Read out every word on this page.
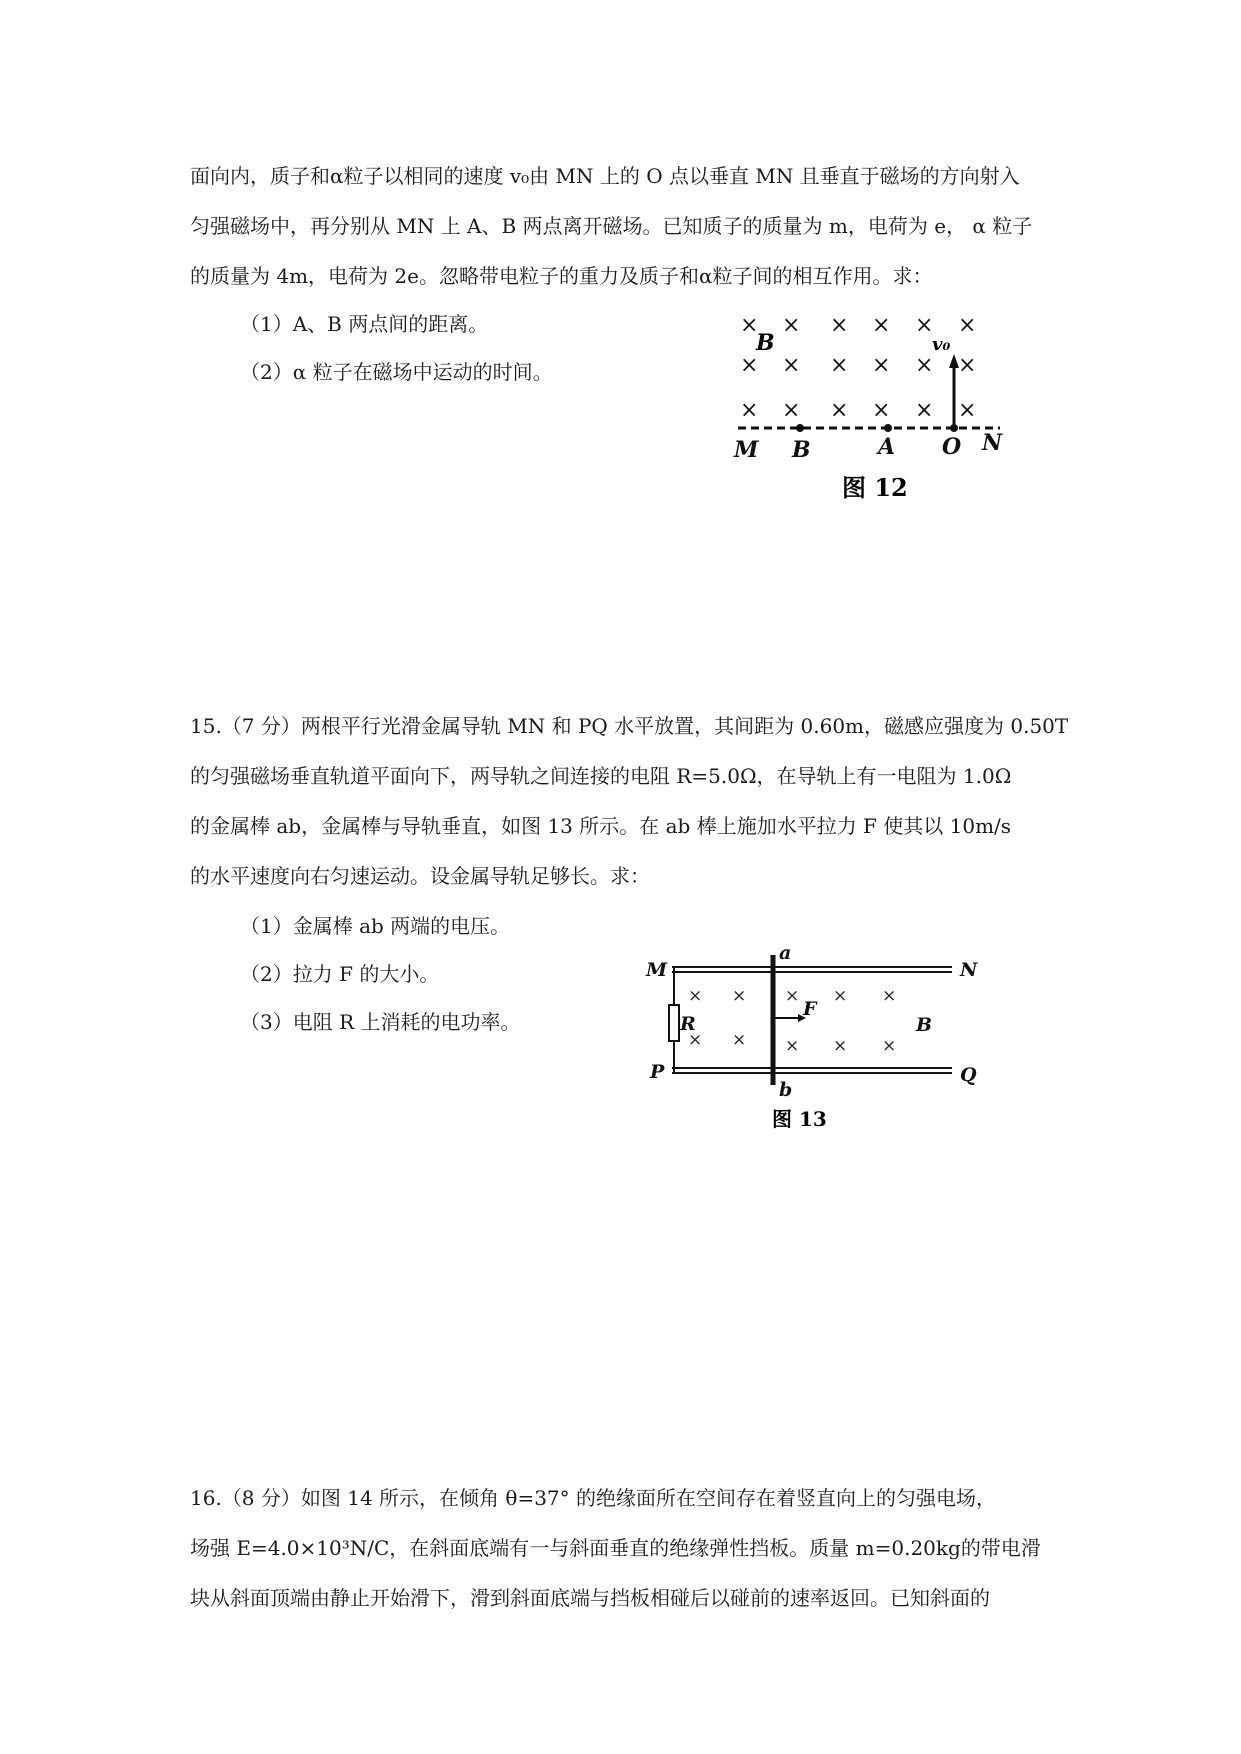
面向内，质子和α粒子以相同的速度 v₀由 MN 上的 O 点以垂直 MN 且垂直于磁场的方向射入
匀强磁场中，再分别从 MN 上 A、B 两点离开磁场。已知质子的质量为 m，电荷为 e， α 粒子
的质量为 4m，电荷为 2e。忽略带电粒子的重力及质子和α粒子间的相互作用。求：
（1）A、B 两点间的距离。
（2）α 粒子在磁场中运动的时间。
× × × × × ×
× × × × × ×
× × × × × ×
B	v₀
M B	A O N
图 12
15.（7 分）两根平行光滑金属导轨 MN 和 PQ 水平放置，其间距为 0.60m，磁感应强度为 0.50T
的匀强磁场垂直轨道平面向下，两导轨之间连接的电阻 R=5.0Ω，在导轨上有一电阻为 1.0Ω
的金属棒 ab，金属棒与导轨垂直，如图 13 所示。在 ab 棒上施加水平拉力 F 使其以 10m/s
的水平速度向右匀速运动。设金属导轨足够长。求：
（1）金属棒 ab 两端的电压。
（2）拉力 F 的大小。
（3）电阻 R 上消耗的电功率。
× × × × ×
× × × × ×
M	N
P	Q
a
b
R
F
B
图 13
16.（8 分）如图 14 所示，在倾角 θ=37° 的绝缘面所在空间存在着竖直向上的匀强电场，
场强 E=4.0×10³N/C，在斜面底端有一与斜面垂直的绝缘弹性挡板。质量 m=0.20kg的带电滑
块从斜面顶端由静止开始滑下，滑到斜面底端与挡板相碰后以碰前的速率返回。已知斜面的
